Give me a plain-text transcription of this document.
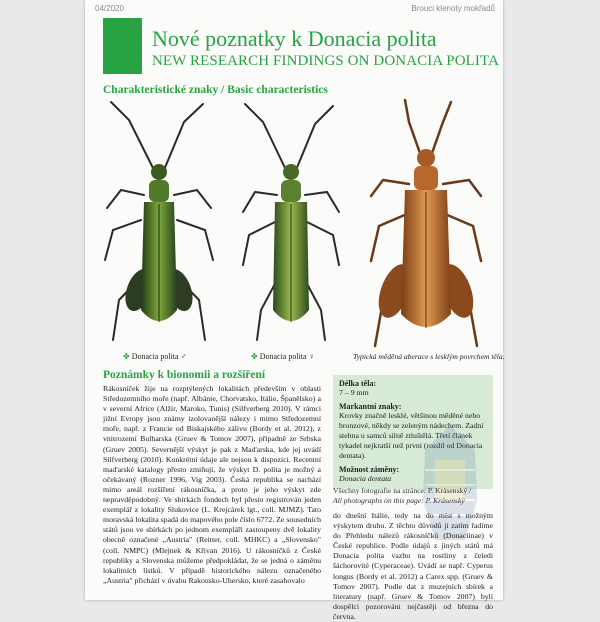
04/2020	Brouci klenoty mokřadů
Nové poznatky k Donacia polita
NEW RESEARCH FINDINGS ON DONACIA POLITA
Charakteristické znaky / Basic characteristics
✤ Donacia polita ♂	✤ Donacia polita ♀	Typická měděná aberace s lesklým povrchem těla.
Poznámky k bionomii a rozšíření

Rákosníček žije na rozptýlených lokalitách především v oblasti Středozemního moře (např. Albánie, Chorvatsko, Itálie, Španělsko) a v severní Africe (Alžír, Maroko, Tunis) (Silfverberg 2010). V rámci jižní Evropy jsou známy izolovanější nálezy i mimo Středozemní moře, např. z Francie od Biskajského zálivu (Bordy et al. 2012), z vnitrozemí Bulharska (Gruev & Tomov 2007), případně ze Srbska (Gruev 2005). Severnější výskyt je pak z Maďarska, kde jej uvádí Silfverberg (2010). Konkrétní údaje ale nejsou k dispozici. Recentní maďarské katalogy přesto zmiňují, že výskyt D. polita je možný a očekávaný (Rozner 1996, Vig 2003). Česká republika se nachází mimo areál rozšíření rákosníčka, a proto je jeho výskyt zde nepravděpodobný. Ve sbírkách fondech byl přesto registrován jeden exemplář z lokality Slukovice (L. Krejcárek lgt., coll. MJMZ). Tato moravská lokalita spadá do mapového pole číslo 6772. Ze sousedních států jsou ve sbírkách po jednom exempláři zastoupeny dvě lokality obecně označené „Austria" (Reitter, coll. MHKC) a „Slovensko" (coll. NMPC) (Mlejnek & Křivan 2016). U rákosníčků z České republiky a Slovenska můžeme předpokládat, že se jedná o záměnu lokalitních lístků. V případě historického nálezu označeného „Austria" přichází v úvahu Rakousko-Uhersko, které zasahovalo

Délka těla:
7 – 9 mm
Markantní znaky:
Krovky značně lesklé, většinou měděné nebo bronzové, někdy se zeleným nádechem. Zadní stehna u samců silně ztluštělá. Třetí článek tykadel nejkratší než první (rozdíl od Donacia dentata).
Možnost záměny:
Donacia dentata
Všechny fotografie na stránce: P. Krásenský /
All photographs on this page: P. Krásenský

do dnešní Itálie, tedy na do míst s možným výskytem druhu. Z těchto důvodů ji zatím řadíme do Přehledu nálezů rákosníčků (Donaciinae) v České republice. Podle údajů z jiných států má Donacia polita vazbu na rostliny z čeledi šáchorovité (Cyperaceae). Uvádí se např. Cyperus longus (Bordy et al. 2012) a Carex spp. (Gruev & Tomov 2007). Podle dat z muzejních sbírek a literatury (např. Gruev & Tomov 2007) byli dospělci pozorováni nejčastěji od března do června.
